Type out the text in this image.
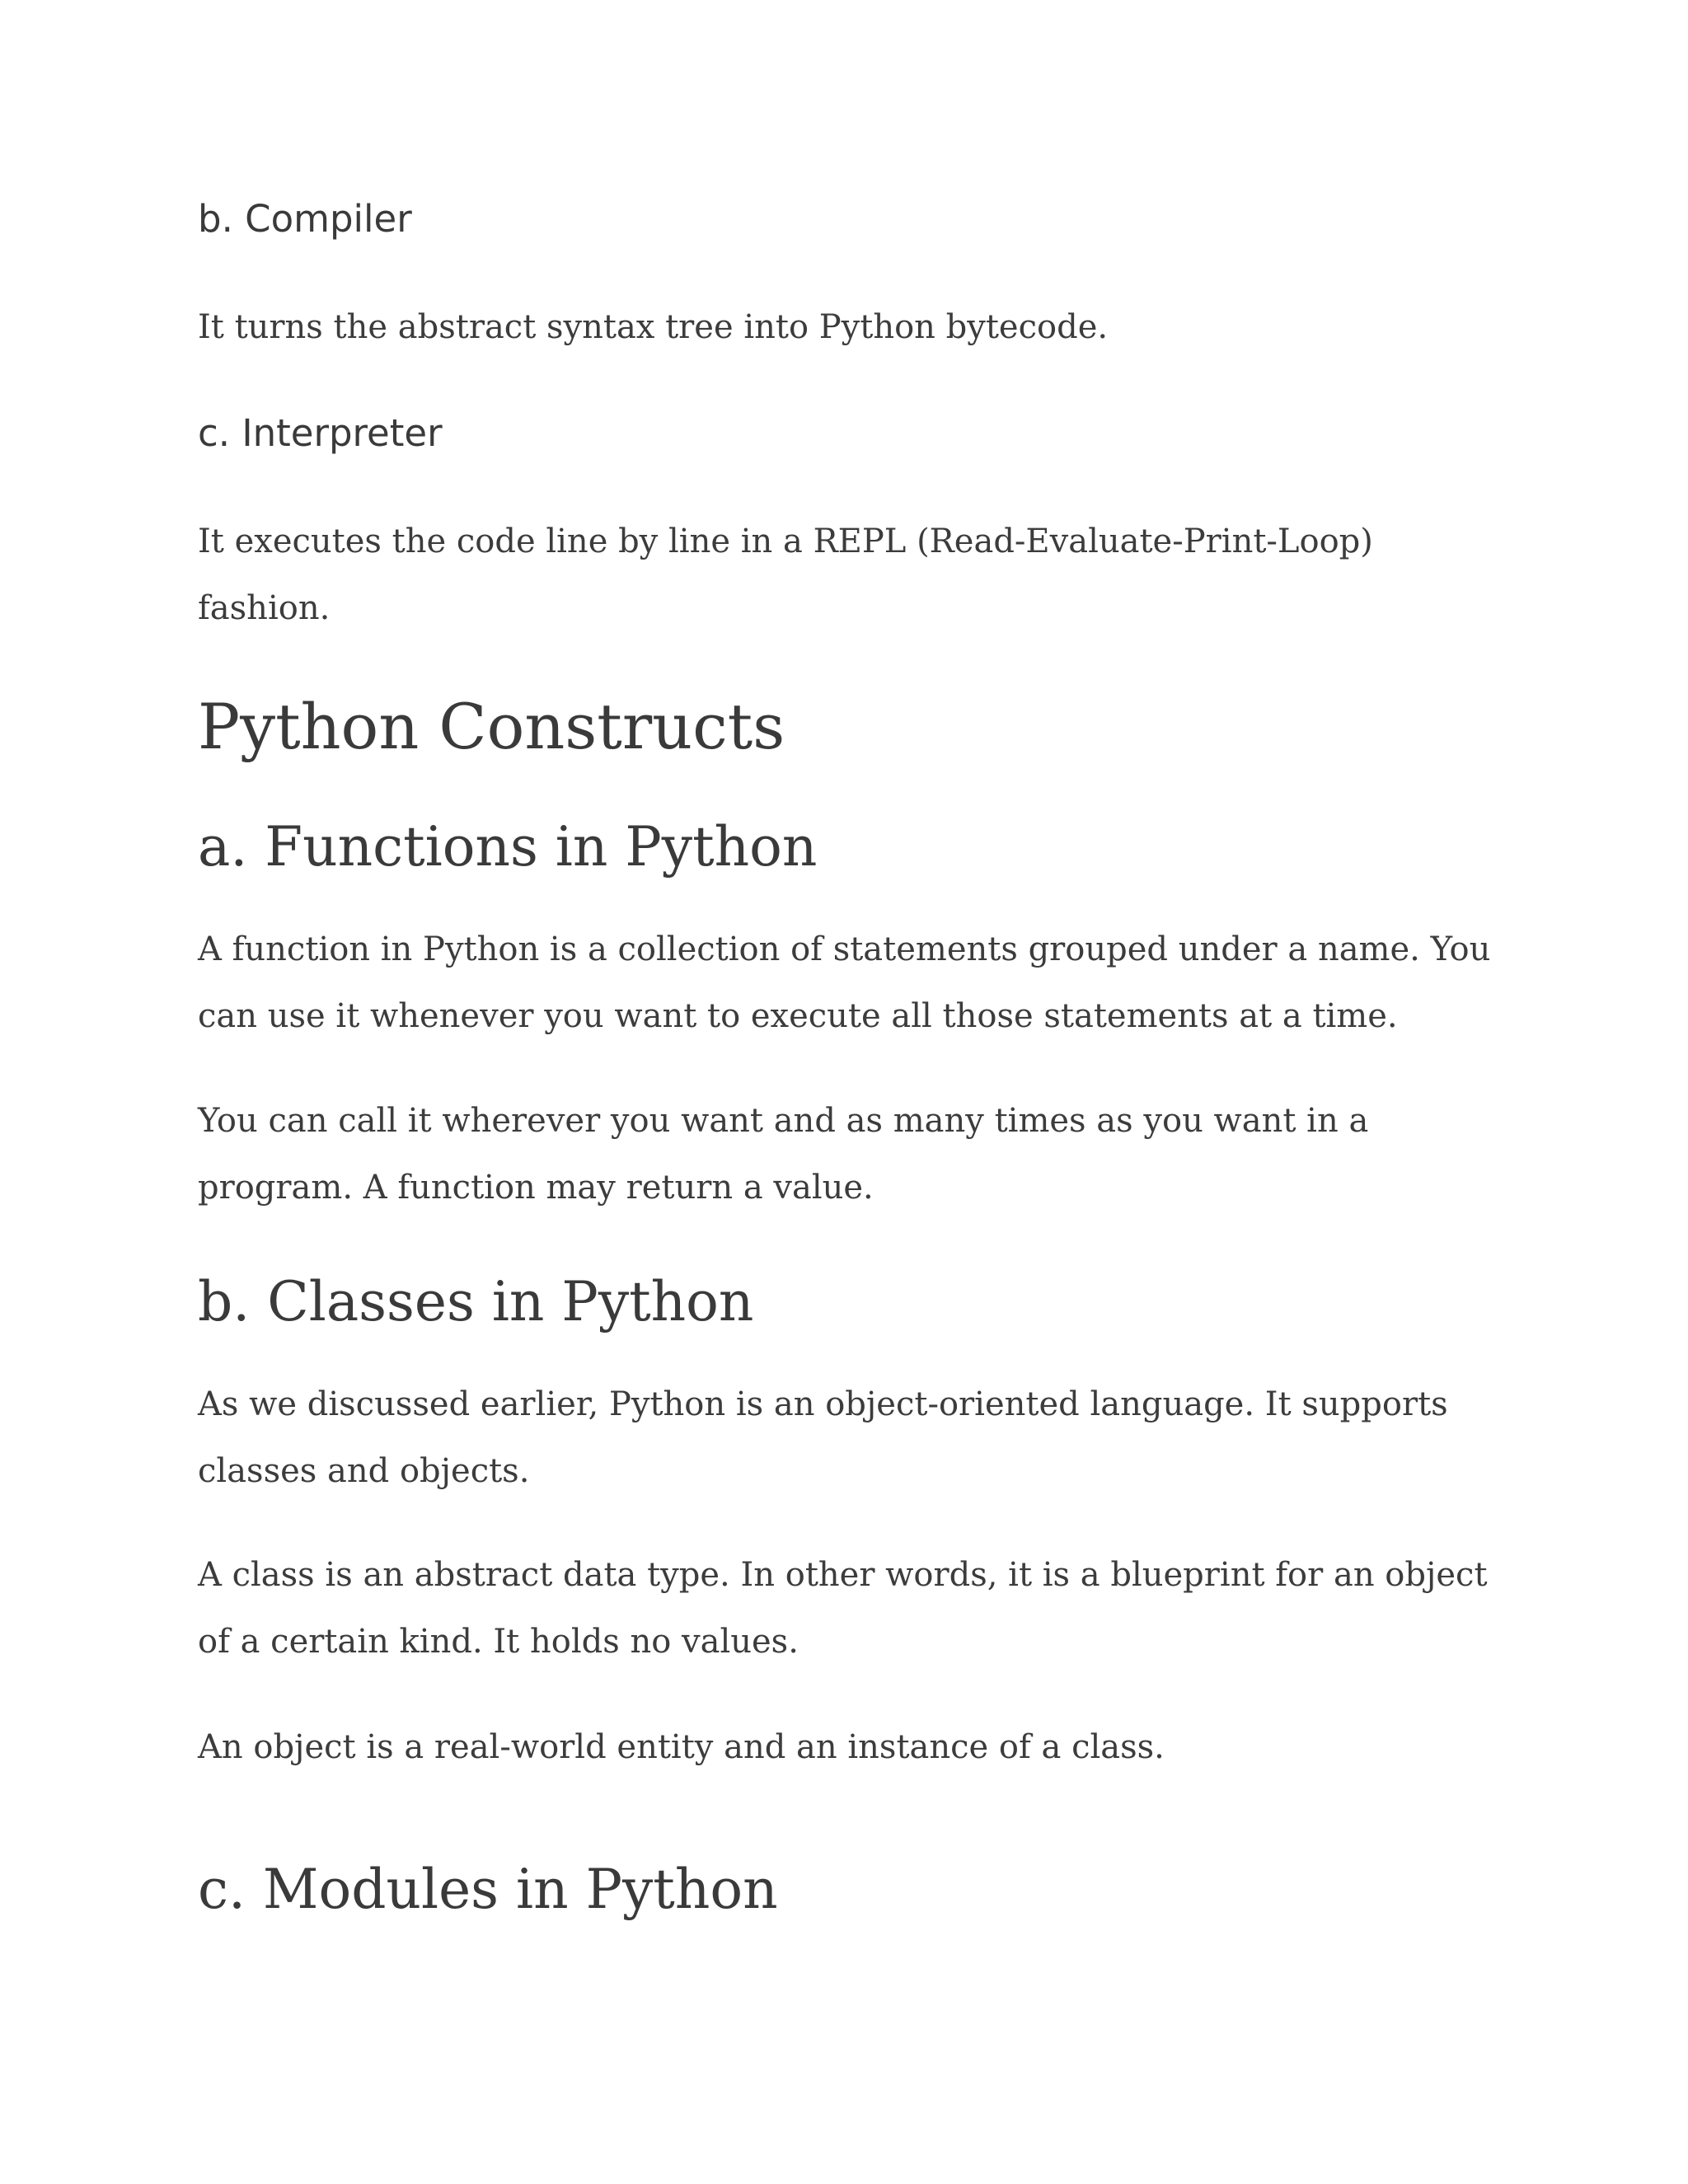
b. Compiler

It turns the abstract syntax tree into Python bytecode.

c. Interpreter

It executes the code line by line in a REPL (Read-Evaluate-Print-Loop) fashion.

Python Constructs
a. Functions in Python

A function in Python is a collection of statements grouped under a name. You can use it whenever you want to execute all those statements at a time.

You can call it wherever you want and as many times as you want in a program. A function may return a value.

b. Classes in Python

As we discussed earlier, Python is an object-oriented language. It supports classes and objects.

A class is an abstract data type. In other words, it is a blueprint for an object of a certain kind. It holds no values.

An object is a real-world entity and an instance of a class.

c. Modules in Python
